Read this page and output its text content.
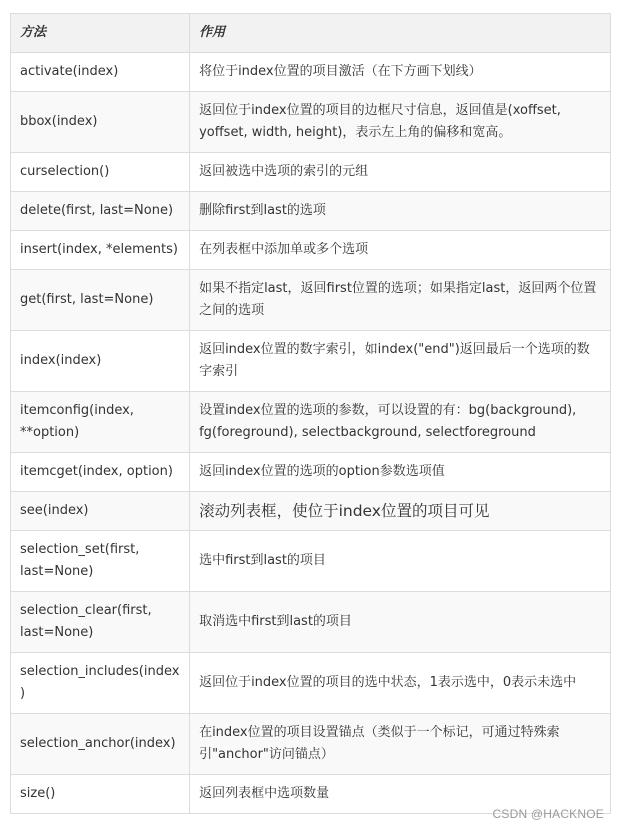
方法	作用
activate(index)	将位于index位置的项目激活（在下方画下划线）
bbox(index)	返回位于index位置的项目的边框尺寸信息，返回值是(xoffset, yoffset, width, height)，表示左上角的偏移和宽高。
curselection()	返回被选中选项的索引的元组
delete(first, last=None)	删除first到last的选项
insert(index, *elements)	在列表框中添加单或多个选项
get(first, last=None)	如果不指定last，返回first位置的选项；如果指定last，返回两个位置之间的选项
index(index)	返回index位置的数字索引，如index("end")返回最后一个选项的数字索引
itemconfig(index, **option)	设置index位置的选项的参数，可以设置的有：bg(background), fg(foreground), selectbackground, selectforeground
itemcget(index, option)	返回index位置的选项的option参数选项值
see(index)	滚动列表框，使位于index位置的项目可见
selection_set(first, last=None)	选中first到last的项目
selection_clear(first, last=None)	取消选中first到last的项目
selection_includes(index)	返回位于index位置的项目的选中状态，1表示选中，0表示未选中
selection_anchor(index)	在index位置的项目设置锚点（类似于一个标记，可通过特殊索引"anchor"访问锚点）
size()	返回列表框中选项数量
CSDN @HACKNOE
